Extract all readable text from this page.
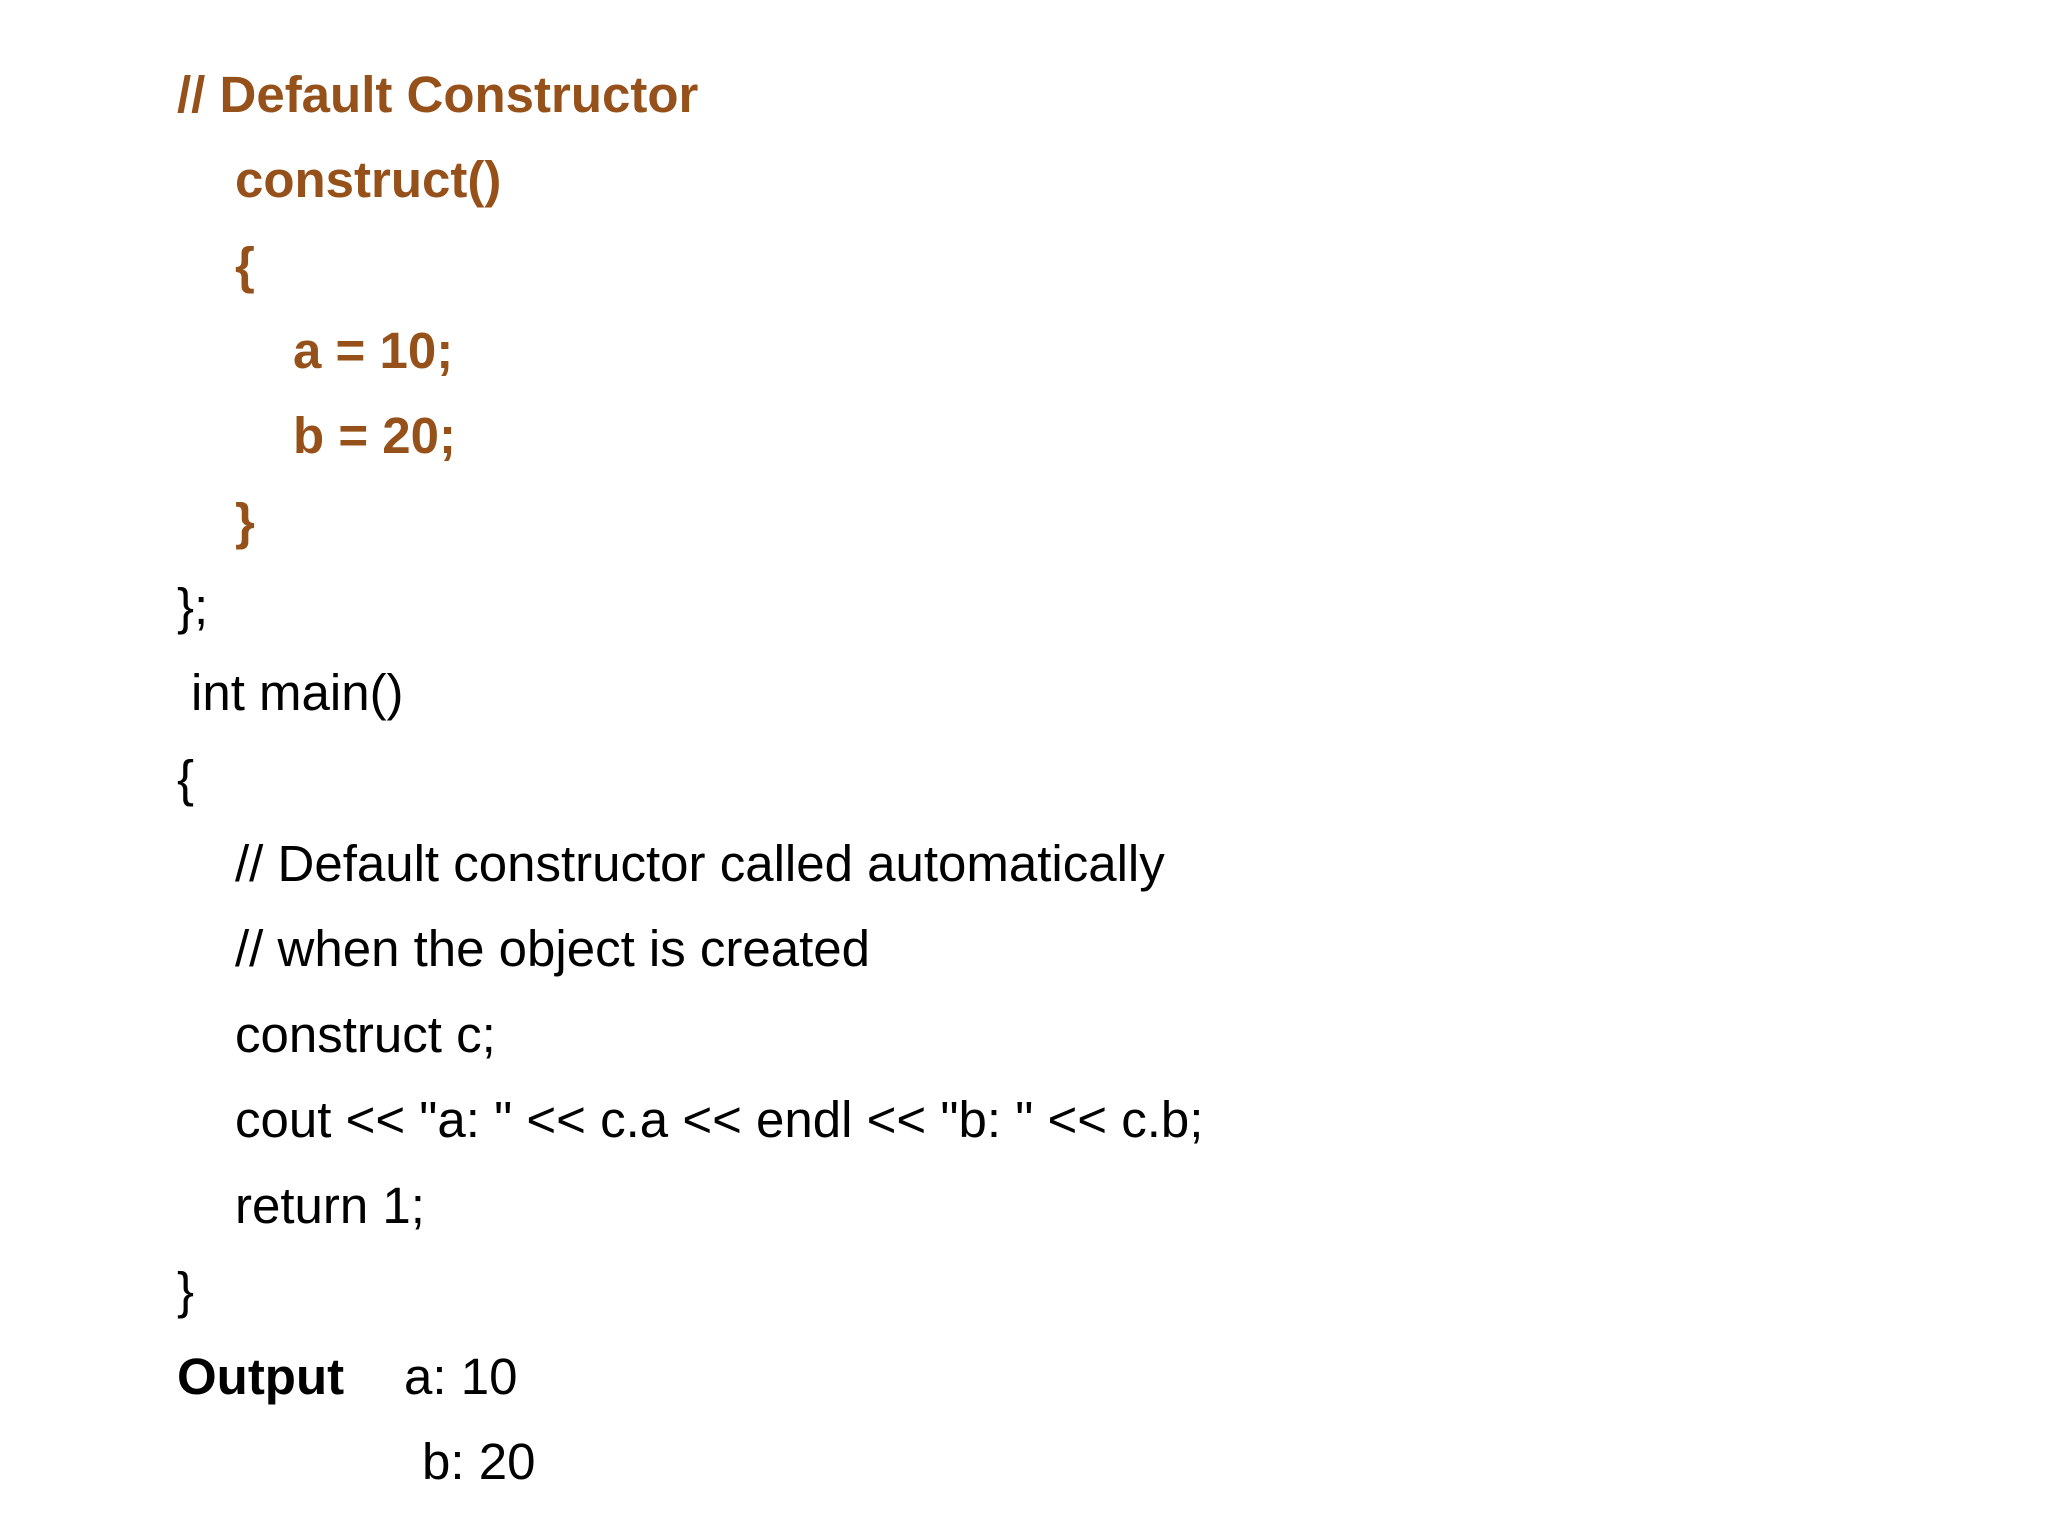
// Default Constructor
construct()
{
a = 10;
b = 20;
}
};
int main()
{
// Default constructor called automatically
// when the object is created
construct c;
cout << "a: " << c.a << endl << "b: " << c.b;
return 1;
}
Output a: 10
b: 20
